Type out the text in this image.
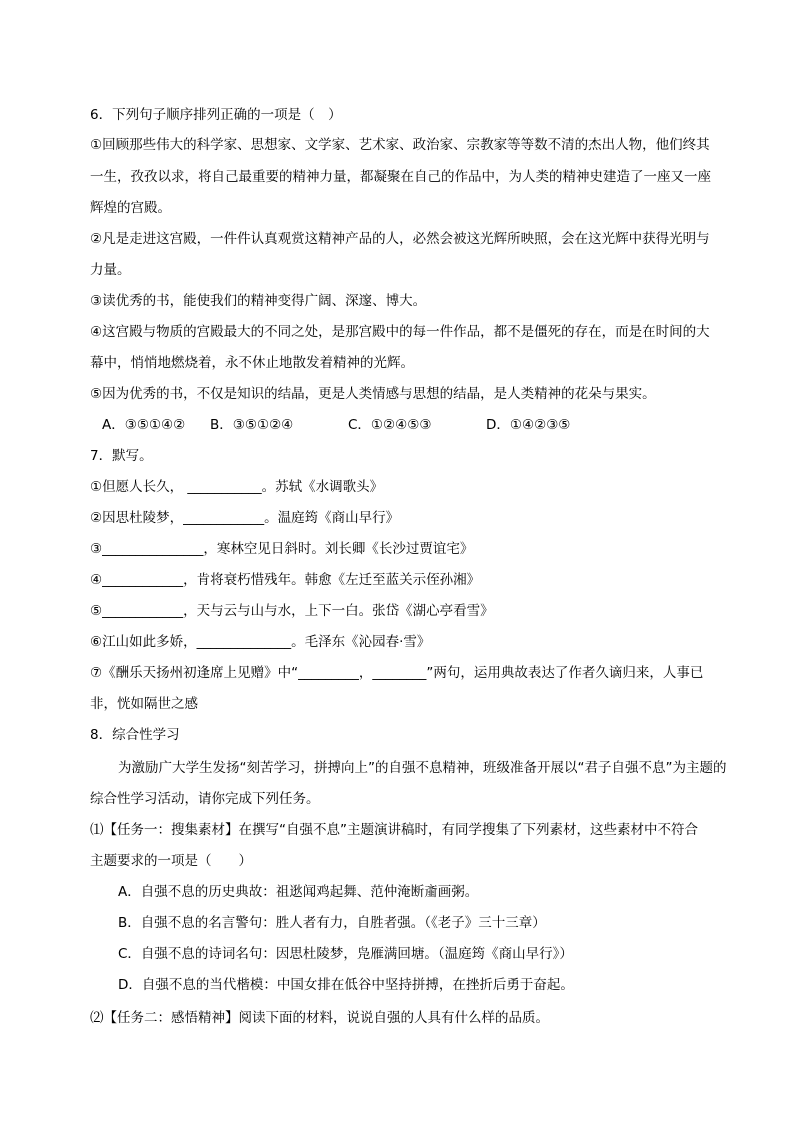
6．下列句子顺序排列正确的一项是（　）
①回顾那些伟大的科学家、思想家、文学家、艺术家、政治家、宗教家等等数不清的杰出人物，他们终其
一生，孜孜以求，将自己最重要的精神力量，都凝聚在自己的作品中，为人类的精神史建造了一座又一座
辉煌的宫殿。
②凡是走进这宫殿，一件件认真观赏这精神产品的人，必然会被这光辉所映照，会在这光辉中获得光明与
力量。
③读优秀的书，能使我们的精神变得广阔、深邃、博大。
④这宫殿与物质的宫殿最大的不同之处，是那宫殿中的每一件作品，都不是僵死的存在，而是在时间的大
幕中，悄悄地燃烧着，永不休止地散发着精神的光辉。
⑤因为优秀的书，不仅是知识的结晶，更是人类情感与思想的结晶，是人类精神的花朵与果实。
A．③⑤①④② B．③⑤①②④	C．①②④⑤③	D．①④②③⑤
7．默写。
①但愿人长久， ___________。苏轼《水调歌头》
②因思杜陵梦，____________。温庭筠《商山早行》
③_______________，寒林空见日斜时。刘长卿《长沙过贾谊宅》
④____________，肯将衰朽惜残年。韩愈《左迁至蓝关示侄孙湘》
⑤____________，天与云与山与水，上下一白。张岱《湖心亭看雪》
⑥江山如此多娇，______________。毛泽东《沁园春·雪》
⑦《酬乐天扬州初逢席上见赠》中“_________，________”两句，运用典故表达了作者久谪归来，人事已
非，恍如隔世之感
8．综合性学习
为激励广大学生发扬“刻苦学习，拼搏向上”的自强不息精神，班级准备开展以“君子自强不息”为主题的
综合性学习活动，请你完成下列任务。
⑴【任务一：搜集素材】在撰写“自强不息”主题演讲稿时，有同学搜集了下列素材，这些素材中不符合
主题要求的一项是（　　）
A．自强不息的历史典故：祖逖闻鸡起舞、范仲淹断齑画粥。
B．自强不息的名言警句：胜人者有力，自胜者强。（《老子》三十三章）
C．自强不息的诗词名句：因思杜陵梦，凫雁满回塘。（温庭筠《商山早行》）
D．自强不息的当代楷模：中国女排在低谷中坚持拼搏，在挫折后勇于奋起。
⑵【任务二：感悟精神】阅读下面的材料，说说自强的人具有什么样的品质。
